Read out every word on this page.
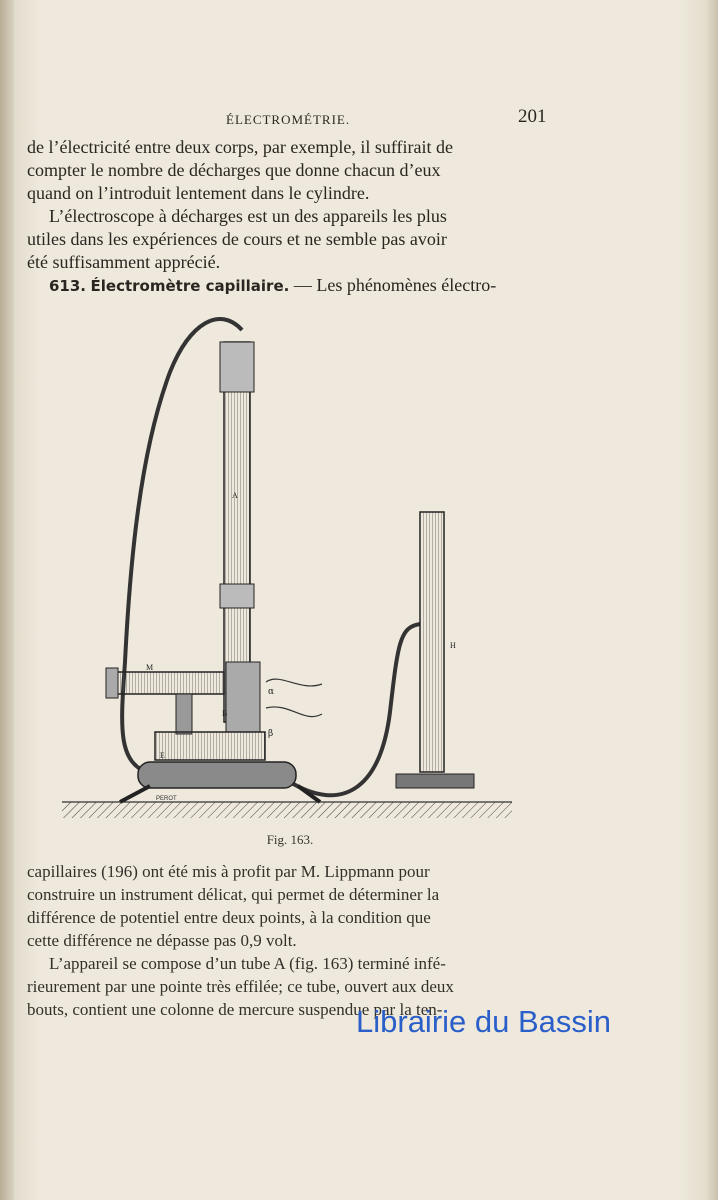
ÉLECTROMÉTRIE.	201

de l’électricité entre deux corps, par exemple, il suffirait de
compter le nombre de décharges que donne chacun d’eux
quand on l’introduit lentement dans le cylindre.

L’électroscope à décharges est un des appareils les plus
utiles dans les expériences de cours et ne semble pas avoir
été suffisamment apprécié.

613. Électromètre capillaire. — Les phénomènes électro-

A
M
B
H
α
β
E
PEROT
Fig. 163.

capillaires (196) ont été mis à profit par M. Lippmann pour
construire un instrument délicat, qui permet de déterminer la
différence de potentiel entre deux points, à la condition que
cette différence ne dépasse pas 0,9 volt.

L’appareil se compose d’un tube A (fig. 163) terminé infé-
rieurement par une pointe très effilée; ce tube, ouvert aux deux
bouts, contient une colonne de mercure suspendue par la ten-

Librairie du Bassin
